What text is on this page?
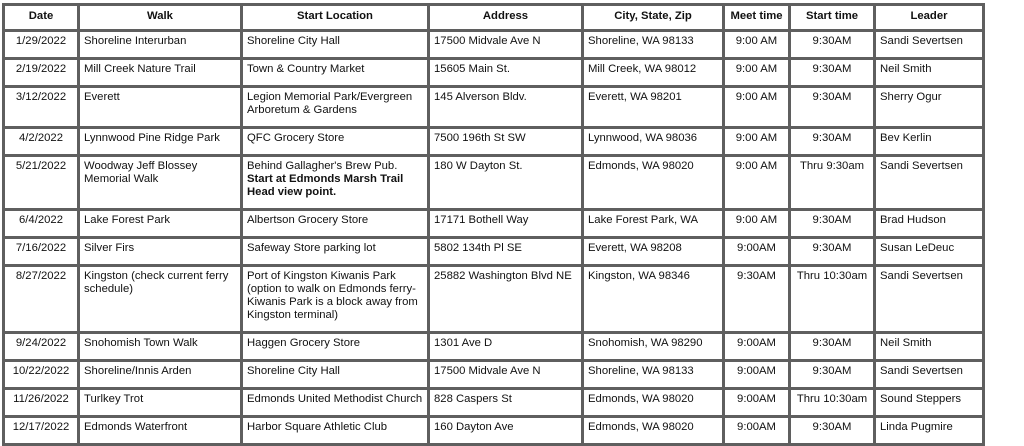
Date	Walk	Start Location	Address	City, State, Zip	Meet time	Start time	Leader
1/29/2022	Shoreline Interurban	Shoreline City Hall	17500 Midvale Ave N	Shoreline, WA 98133	9:00 AM	9:30AM	Sandi Severtsen
2/19/2022	Mill Creek Nature Trail	Town & Country Market	15605 Main St.	Mill Creek, WA 98012	9:00 AM	9:30AM	Neil Smith
3/12/2022	Everett	Legion Memorial Park/Evergreen Arboretum & Gardens	145 Alverson Bldv.	Everett, WA 98201	9:00 AM	9:30AM	Sherry Ogur
4/2/2022	Lynnwood Pine Ridge Park	QFC Grocery Store	7500 196th St SW	Lynnwood, WA 98036	9:00 AM	9:30AM	Bev Kerlin
5/21/2022	Woodway Jeff Blossey Memorial Walk	Behind Gallagher's Brew Pub.
Start at Edmonds Marsh Trail Head view point.	180 W Dayton St.	Edmonds, WA 98020	9:00 AM	Thru 9:30am	Sandi Severtsen
6/4/2022	Lake Forest Park	Albertson Grocery Store	17171 Bothell Way	Lake Forest Park, WA	9:00 AM	9:30AM	Brad Hudson
7/16/2022	Silver Firs	Safeway Store parking lot	5802 134th Pl SE	Everett, WA 98208	9:00AM	9:30AM	Susan LeDeuc
8/27/2022	Kingston (check current ferry schedule)	Port of Kingston Kiwanis Park (option to walk on Edmonds ferry-Kiwanis Park is a block away from Kingston terminal)	25882 Washington Blvd NE	Kingston, WA 98346	9:30AM	Thru 10:30am	Sandi Severtsen
9/24/2022	Snohomish Town Walk	Haggen Grocery Store	1301 Ave D	Snohomish, WA 98290	9:00AM	9:30AM	Neil Smith
10/22/2022	Shoreline/Innis Arden	Shoreline City Hall	17500 Midvale Ave N	Shoreline, WA 98133	9:00AM	9:30AM	Sandi Severtsen
11/26/2022	Turlkey Trot	Edmonds United Methodist Church	828 Caspers St	Edmonds, WA 98020	9:00AM	Thru 10:30am	Sound Steppers
12/17/2022	Edmonds Waterfront	Harbor Square Athletic Club	160 Dayton Ave	Edmonds, WA 98020	9:00AM	9:30AM	Linda Pugmire
